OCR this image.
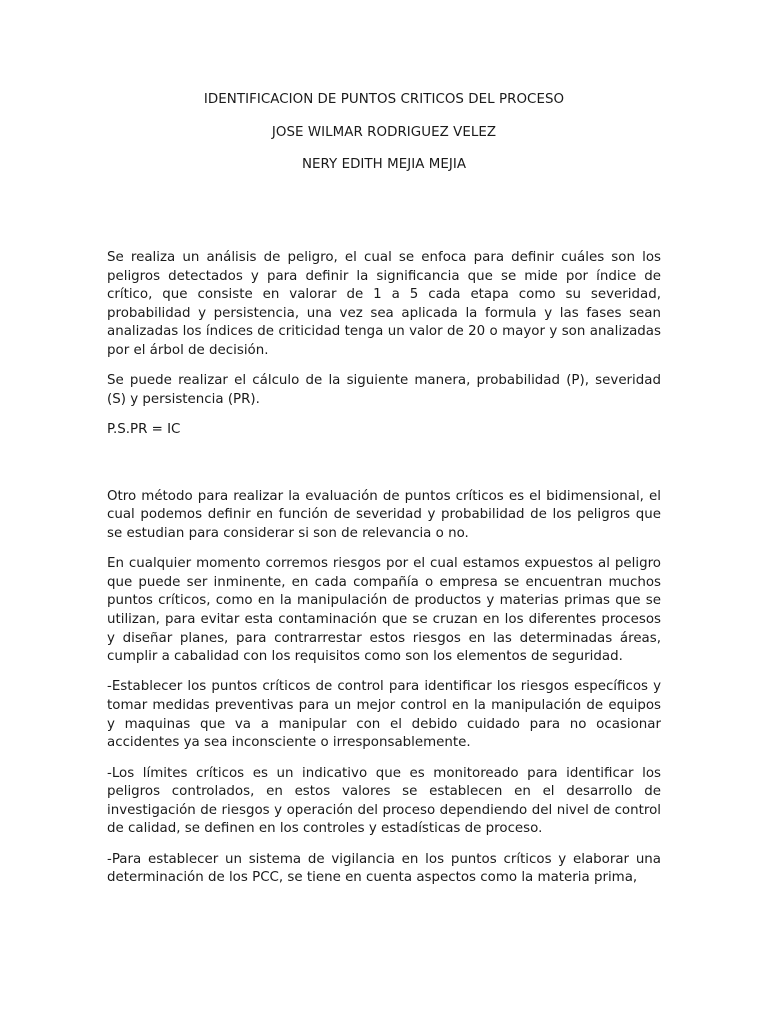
IDENTIFICACION DE PUNTOS CRITICOS DEL PROCESO
JOSE WILMAR RODRIGUEZ VELEZ
NERY EDITH MEJIA MEJIA

Se realiza un análisis de peligro, el cual se enfoca para definir cuáles son los peligros detectados y para definir la significancia que se mide por índice de crítico, que consiste en valorar de 1 a 5 cada etapa como su severidad, probabilidad y persistencia, una vez sea aplicada la formula y las fases sean analizadas los índices de criticidad tenga un valor de 20 o mayor y son analizadas por el árbol de decisión.

Se puede realizar el cálculo de la siguiente manera, probabilidad (P), severidad (S) y persistencia (PR).

P.S.PR = IC

Otro método para realizar la evaluación de puntos críticos es el bidimensional, el cual podemos definir en función de severidad y probabilidad de los peligros que se estudian para considerar si son de relevancia o no.

En cualquier momento corremos riesgos por el cual estamos expuestos al peligro que puede ser inminente, en cada compañía o empresa se encuentran muchos puntos críticos, como en la manipulación de productos y materias primas que se utilizan, para evitar esta contaminación que se cruzan en los diferentes procesos y diseñar planes, para contrarrestar estos riesgos en las determinadas áreas, cumplir a cabalidad con los requisitos como son los elementos de seguridad.

-Establecer los puntos críticos de control para identificar los riesgos específicos y tomar medidas preventivas para un mejor control en la manipulación de equipos y maquinas que va a manipular con el debido cuidado para no ocasionar accidentes ya sea inconsciente o irresponsablemente.

-Los límites críticos es un indicativo que es monitoreado para identificar los peligros controlados, en estos valores se establecen en el desarrollo de investigación de riesgos y operación del proceso dependiendo del nivel de control de calidad, se definen en los controles y estadísticas de proceso.

-Para establecer un sistema de vigilancia en los puntos críticos y elaborar una determinación de los PCC, se tiene en cuenta aspectos como la materia prima,
